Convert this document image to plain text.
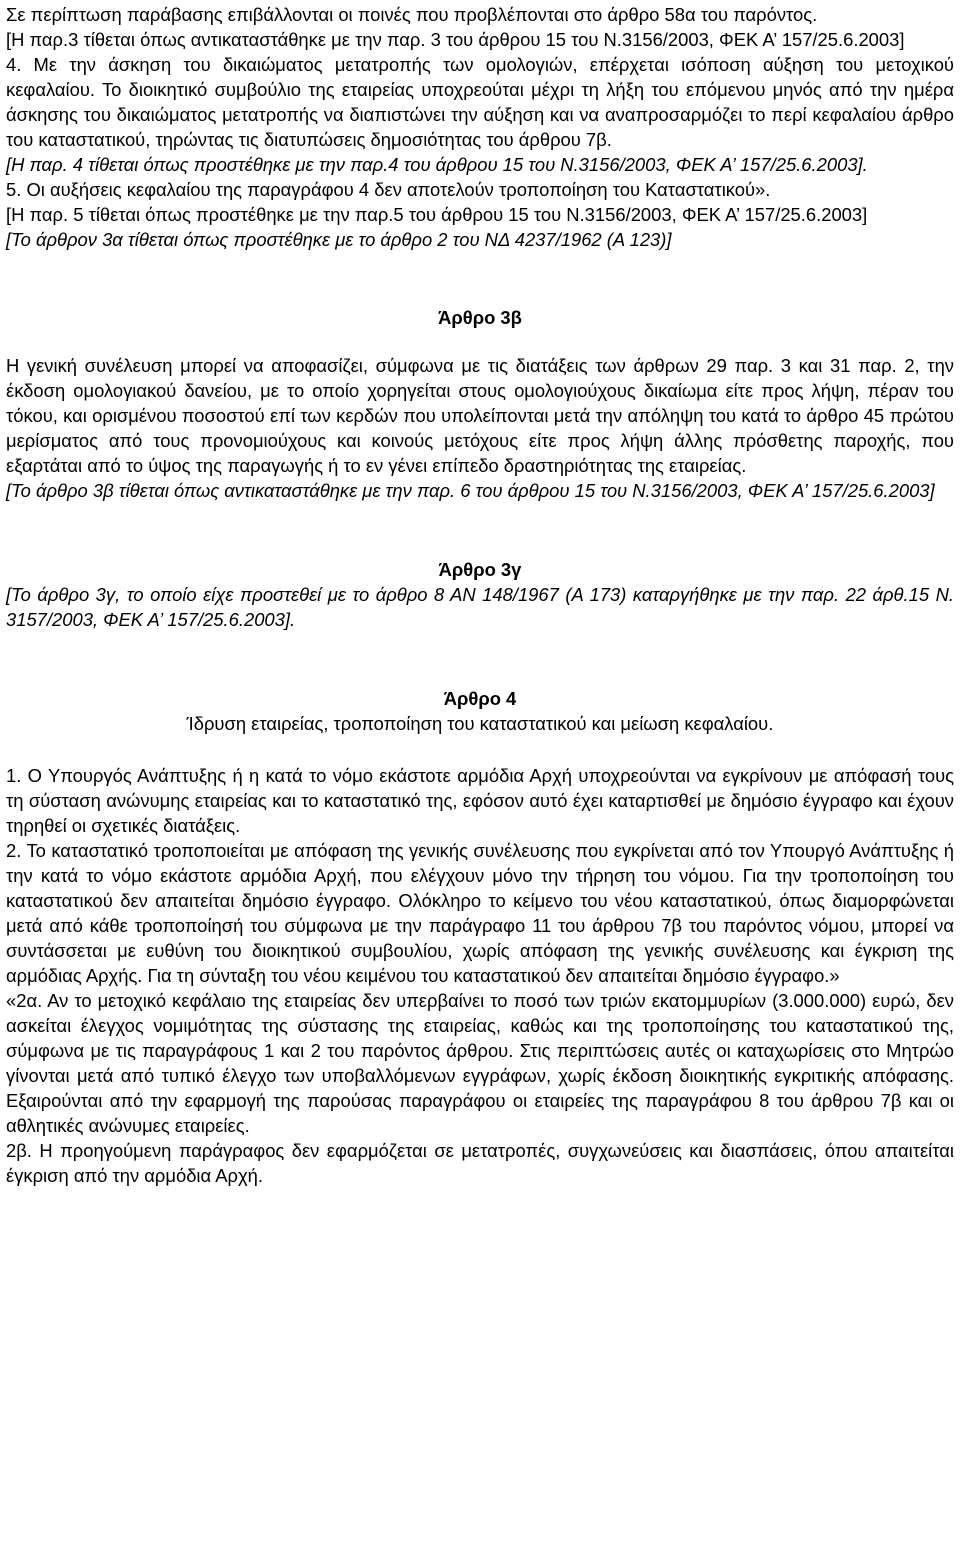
Σε περίπτωση παράβασης επιβάλλονται οι ποινές που προβλέπονται στο άρθρο 58α του παρόντος.

[Η παρ.3 τίθεται όπως αντικαταστάθηκε με την παρ. 3 του άρθρου 15 του Ν.3156/2003, ΦΕΚ Α’ 157/25.6.2003]

4. Με την άσκηση του δικαιώματος μετατροπής των ομολογιών, επέρχεται ισόποση αύξηση του μετοχικού κεφαλαίου. Το διοικητικό συμβούλιο της εταιρείας υποχρεούται μέχρι τη λήξη του επόμενου μηνός από την ημέρα άσκησης του δικαιώματος μετατροπής να διαπιστώνει την αύξηση και να αναπροσαρμόζει το περί κεφαλαίου άρθρο του καταστατικού, τηρώντας τις διατυπώσεις δημοσιότητας του άρθρου 7β.

[Η παρ. 4 τίθεται όπως προστέθηκε με την παρ.4 του άρθρου 15 του Ν.3156/2003, ΦΕΚ Α’ 157/25.6.2003].

5. Οι αυξήσεις κεφαλαίου της παραγράφου 4 δεν αποτελούν τροποποίηση του Καταστατικού».

[Η παρ. 5 τίθεται όπως προστέθηκε με την παρ.5 του άρθρου 15 του Ν.3156/2003, ΦΕΚ Α’ 157/25.6.2003]

[Το άρθρον 3α τίθεται όπως προστέθηκε με το άρθρο 2 του ΝΔ 4237/1962 (Α 123)]

Άρθρο 3β

Η γενική συνέλευση μπορεί να αποφασίζει, σύμφωνα με τις διατάξεις των άρθρων 29 παρ. 3 και 31 παρ. 2, την έκδοση ομολογιακού δανείου, με το οποίο χορηγείται στους ομολογιούχους δικαίωμα είτε προς λήψη, πέραν του τόκου, και ορισμένου ποσοστού επί των κερδών που υπολείπονται μετά την απόληψη του κατά το άρθρο 45 πρώτου μερίσματος από τους προνομιούχους και κοινούς μετόχους είτε προς λήψη άλλης πρόσθετης παροχής, που εξαρτάται από το ύψος της παραγωγής ή το εν γένει επίπεδο δραστηριότητας της εταιρείας.

[Το άρθρο 3β τίθεται όπως αντικαταστάθηκε με την παρ. 6 του άρθρου 15 του Ν.3156/2003, ΦΕΚ Α’ 157/25.6.2003]

Άρθρο 3γ

[Το άρθρο 3γ, το οποίο είχε προστεθεί με το άρθρο 8 ΑΝ 148/1967 (Α 173) καταργήθηκε με την παρ. 22 άρθ.15 Ν. 3157/2003, ΦΕΚ Α’ 157/25.6.2003].

Άρθρο 4

Ίδρυση εταιρείας, τροποποίηση του καταστατικού και μείωση κεφαλαίου.

1. Ο Υπουργός Ανάπτυξης ή η κατά το νόμο εκάστοτε αρμόδια Αρχή υποχρεούνται να εγκρίνουν με απόφασή τους τη σύσταση ανώνυμης εταιρείας και το καταστατικό της, εφόσον αυτό έχει καταρτισθεί με δημόσιο έγγραφο και έχουν τηρηθεί οι σχετικές διατάξεις.

2. Το καταστατικό τροποποιείται με απόφαση της γενικής συνέλευσης που εγκρίνεται από τον Υπουργό Ανάπτυξης ή την κατά το νόμο εκάστοτε αρμόδια Αρχή, που ελέγχουν μόνο την τήρηση του νόμου. Για την τροποποίηση του καταστατικού δεν απαιτείται δημόσιο έγγραφο. Ολόκληρο το κείμενο του νέου καταστατικού, όπως διαμορφώνεται μετά από κάθε τροποποίησή του σύμφωνα με την παράγραφο 11 του άρθρου 7β του παρόντος νόμου, μπορεί να συντάσσεται με ευθύνη του διοικητικού συμβουλίου, χωρίς απόφαση της γενικής συνέλευσης και έγκριση της αρμόδιας Αρχής. Για τη σύνταξη του νέου κειμένου του καταστατικού δεν απαιτείται δημόσιο έγγραφο.»

«2α. Αν το μετοχικό κεφάλαιο της εταιρείας δεν υπερβαίνει το ποσό των τριών εκατομμυρίων (3.000.000) ευρώ, δεν ασκείται έλεγχος νομιμότητας της σύστασης της εταιρείας, καθώς και της τροποποίησης του καταστατικού της, σύμφωνα με τις παραγράφους 1 και 2 του παρόντος άρθρου. Στις περιπτώσεις αυτές οι καταχωρίσεις στο Μητρώο γίνονται μετά από τυπικό έλεγχο των υποβαλλόμενων εγγράφων, χωρίς έκδοση διοικητικής εγκριτικής απόφασης. Εξαιρούνται από την εφαρμογή της παρούσας παραγράφου οι εταιρείες της παραγράφου 8 του άρθρου 7β και οι αθλητικές ανώνυμες εταιρείες.

2β. Η προηγούμενη παράγραφος δεν εφαρμόζεται σε μετατροπές, συγχωνεύσεις και διασπάσεις, όπου απαιτείται έγκριση από την αρμόδια Αρχή.
